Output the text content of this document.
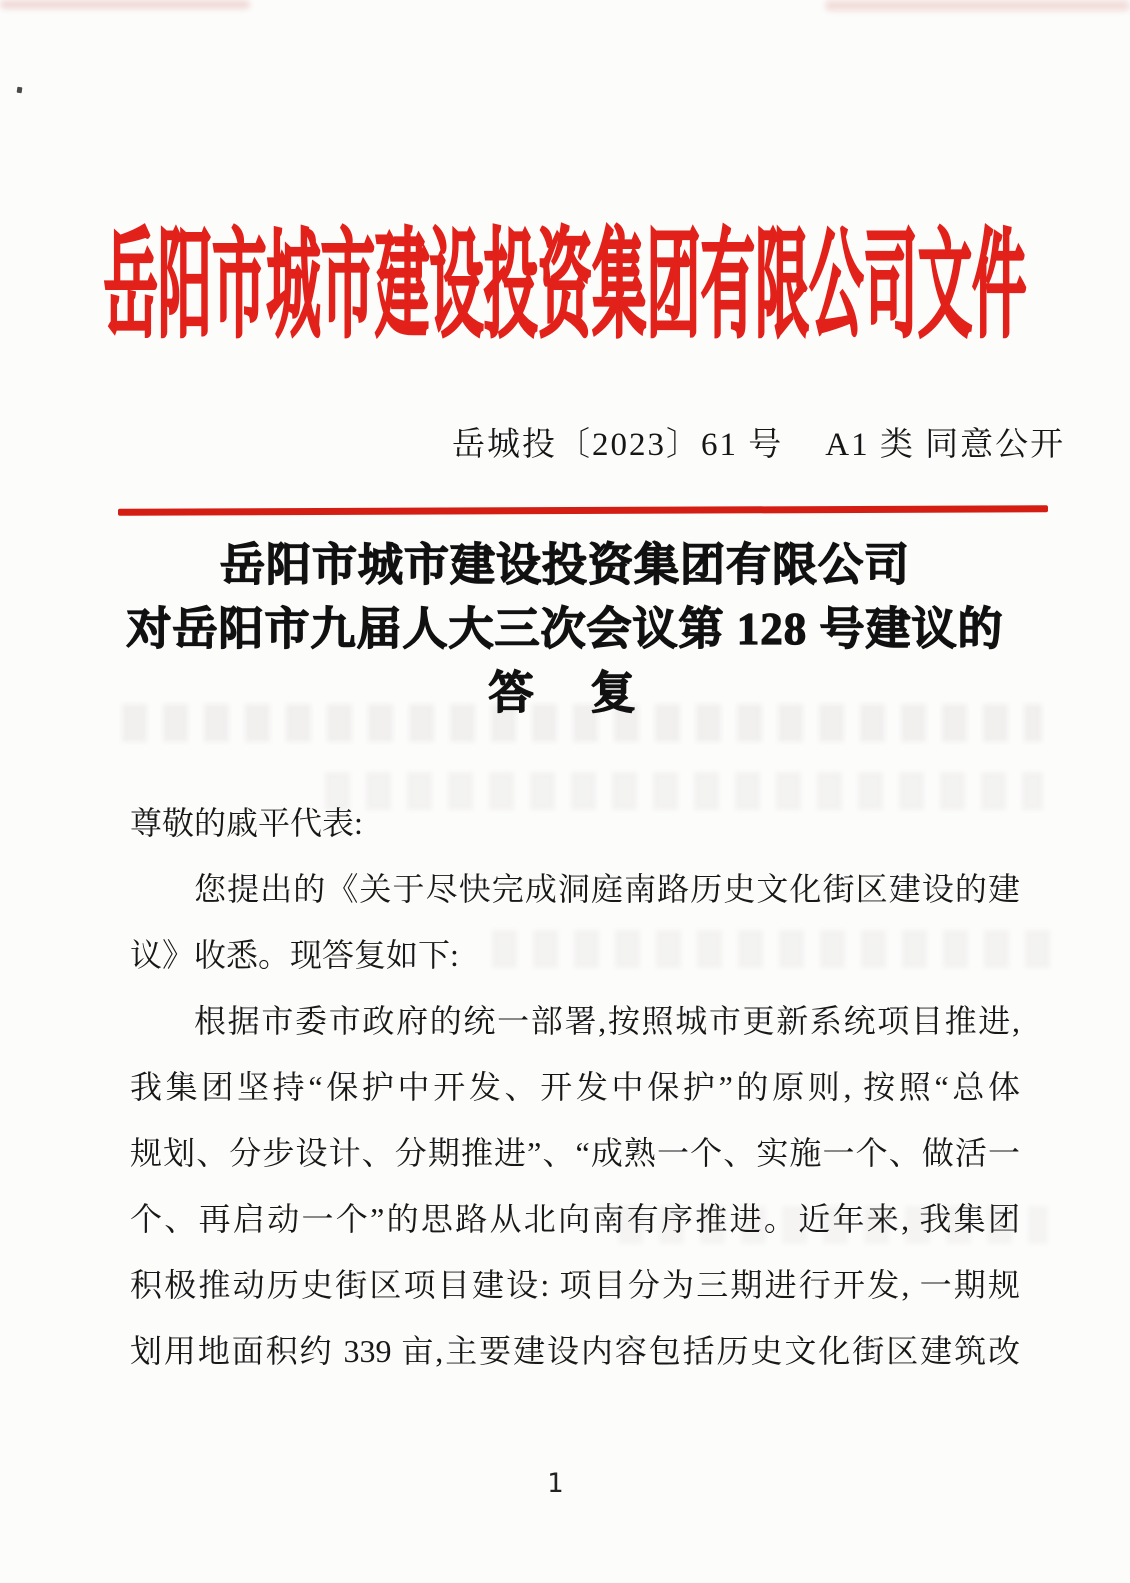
岳阳市城市建设投资集团有限公司文件
岳城投〔2023〕61 号 A1 类 同意公开
岳阳市城市建设投资集团有限公司
对岳阳市九届人大三次会议第 128 号建议的
答　复
尊敬的戚平代表:
您提出的《关于尽快完成洞庭南路历史文化街区建设的建
议》收悉。现答复如下:
根据市委市政府的统一部署,按照城市更新系统项目推进,
我集团坚持“保护中开发、开发中保护”的原则, 按照“总体
规划、分步设计、分期推进”、“成熟一个、实施一个、做活一
个、再启动一个”的思路从北向南有序推进。近年来, 我集团
积极推动历史街区项目建设: 项目分为三期进行开发, 一期规
划用地面积约 339 亩,主要建设内容包括历史文化街区建筑改
1
